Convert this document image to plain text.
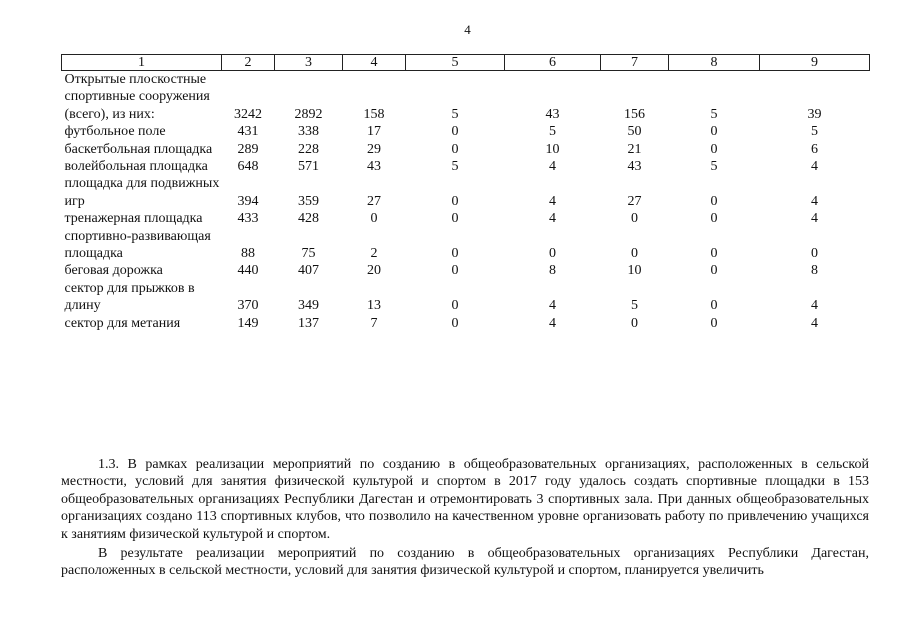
4
1	2	3	4	5	6	7	8	9
Открытые плоскостные спортивные сооружения (всего), из них:	3242	2892	158	5	43	156	5	39
футбольное поле	431	338	17	0	5	50	0	5
баскетбольная площадка	289	228	29	0	10	21	0	6
волейбольная площадка	648	571	43	5	4	43	5	4
площадка для подвижных игр	394	359	27	0	4	27	0	4
тренажерная площадка	433	428	0	0	4	0	0	4
спортивно-развивающая площадка	88	75	2	0	0	0	0	0
беговая дорожка	440	407	20	0	8	10	0	8
сектор для прыжков в длину	370	349	13	0	4	5	0	4
сектор для метания	149	137	7	0	4	0	0	4

1.3. В рамках реализации мероприятий по созданию в общеобразовательных организациях, расположенных в сельской местности, условий для занятия физической культурой и спортом в 2017 году удалось создать спортивные площадки в 153 общеобразовательных организациях Республики Дагестан и отремонтировать 3 спортивных зала. При данных общеобразовательных организациях создано 113 спортивных клубов, что позволило на качественном уровне организовать работу по привлечению учащихся к занятиям физической культурой и спортом.

В результате реализации мероприятий по созданию в общеобразовательных организациях Республики Дагестан, расположенных в сельской местности, условий для занятия физической культурой и спортом, планируется увеличить
